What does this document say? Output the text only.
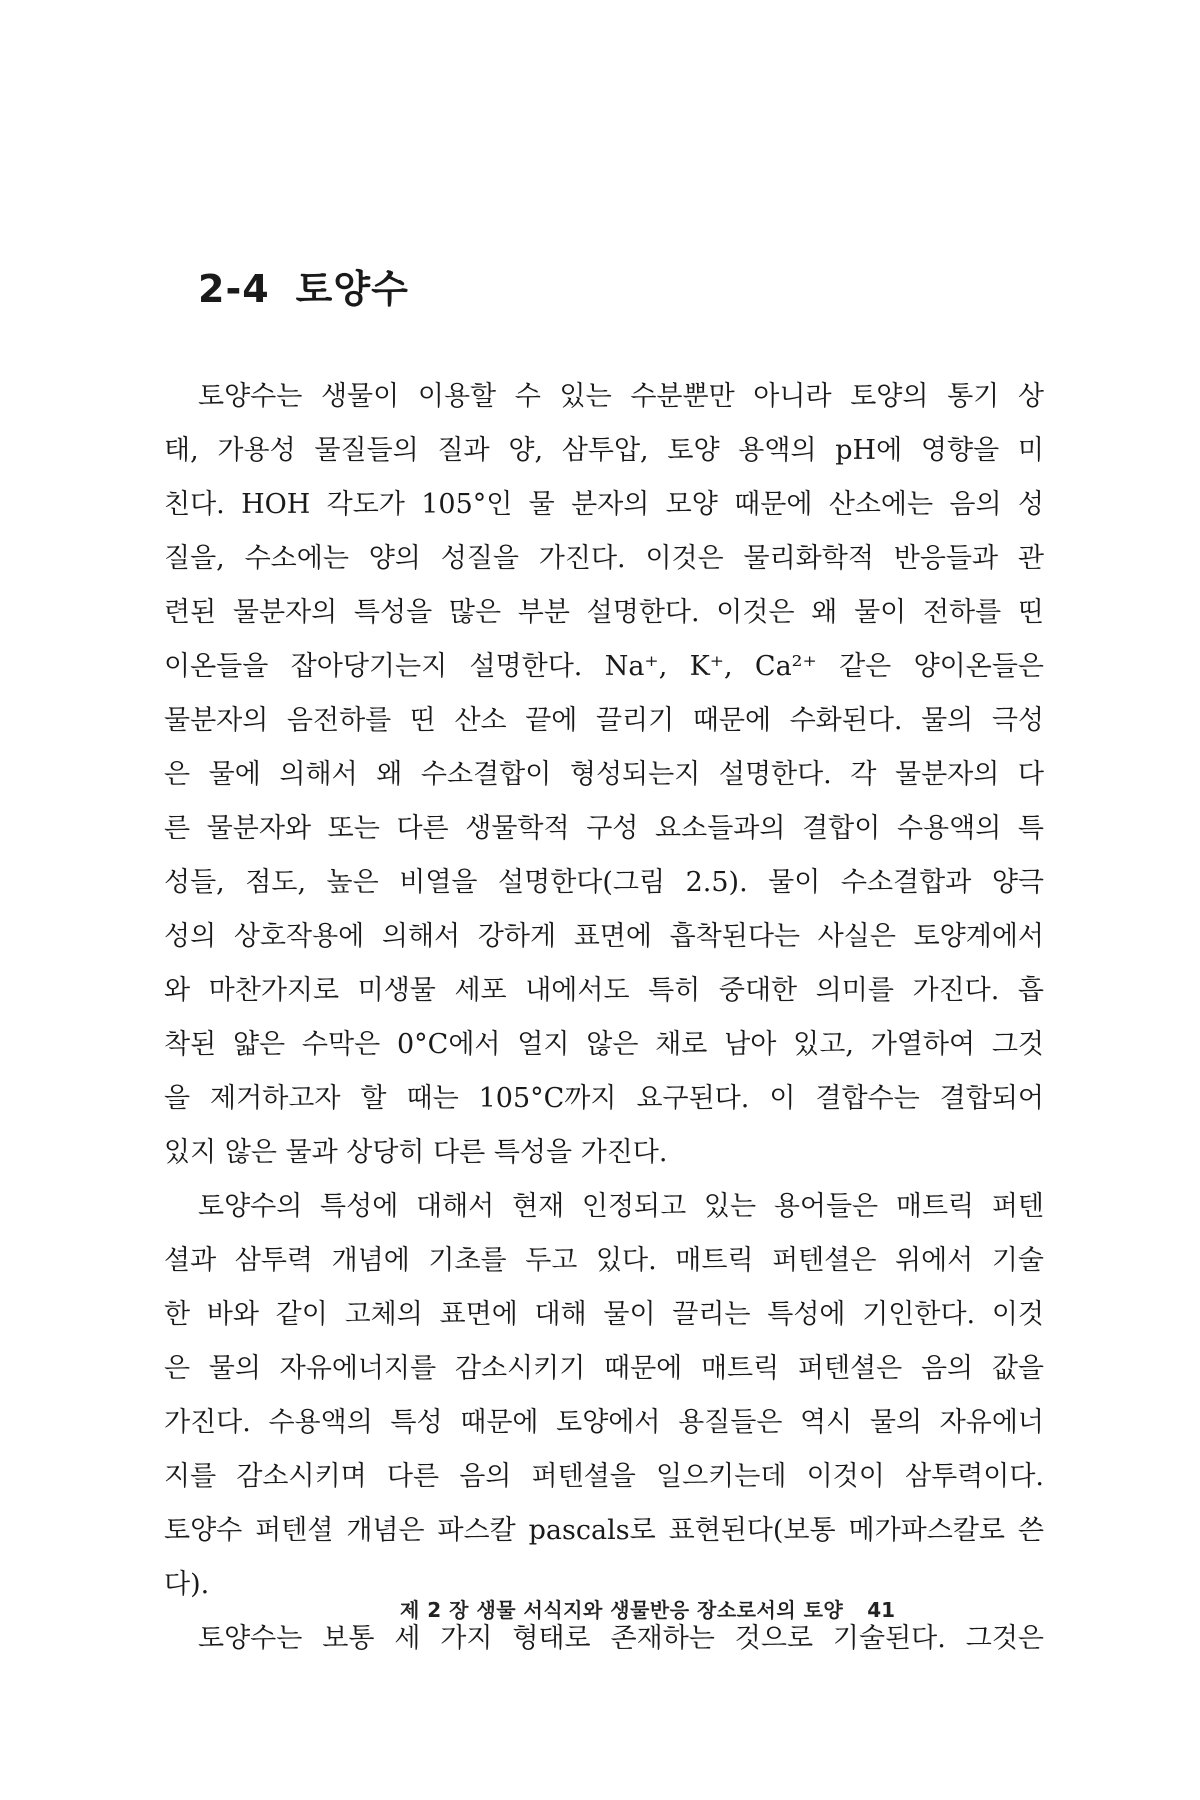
2-4 토양수
토양수는 생물이 이용할 수 있는 수분뿐만 아니라 토양의 통기 상
태, 가용성 물질들의 질과 양, 삼투압, 토양 용액의 pH에 영향을 미
친다. HOH 각도가 105°인 물 분자의 모양 때문에 산소에는 음의 성
질을, 수소에는 양의 성질을 가진다. 이것은 물리화학적 반응들과 관
련된 물분자의 특성을 많은 부분 설명한다. 이것은 왜 물이 전하를 띤
이온들을 잡아당기는지 설명한다. Na⁺, K⁺, Ca²⁺ 같은 양이온들은
물분자의 음전하를 띤 산소 끝에 끌리기 때문에 수화된다. 물의 극성
은 물에 의해서 왜 수소결합이 형성되는지 설명한다. 각 물분자의 다
른 물분자와 또는 다른 생물학적 구성 요소들과의 결합이 수용액의 특
성들, 점도, 높은 비열을 설명한다(그림 2.5). 물이 수소결합과 양극
성의 상호작용에 의해서 강하게 표면에 흡착된다는 사실은 토양계에서
와 마찬가지로 미생물 세포 내에서도 특히 중대한 의미를 가진다. 흡
착된 얇은 수막은 0°C에서 얼지 않은 채로 남아 있고, 가열하여 그것
을 제거하고자 할 때는 105°C까지 요구된다. 이 결합수는 결합되어
있지 않은 물과 상당히 다른 특성을 가진다.
토양수의 특성에 대해서 현재 인정되고 있는 용어들은 매트릭 퍼텐
셜과 삼투력 개념에 기초를 두고 있다. 매트릭 퍼텐셜은 위에서 기술
한 바와 같이 고체의 표면에 대해 물이 끌리는 특성에 기인한다. 이것
은 물의 자유에너지를 감소시키기 때문에 매트릭 퍼텐셜은 음의 값을
가진다. 수용액의 특성 때문에 토양에서 용질들은 역시 물의 자유에너
지를 감소시키며 다른 음의 퍼텐셜을 일으키는데 이것이 삼투력이다.
토양수 퍼텐셜 개념은 파스칼 pascals로 표현된다(보통 메가파스칼로 쓴
다).
토양수는 보통 세 가지 형태로 존재하는 것으로 기술된다. 그것은
제 2 장 생물 서식지와 생물반응 장소로서의 토양 41
